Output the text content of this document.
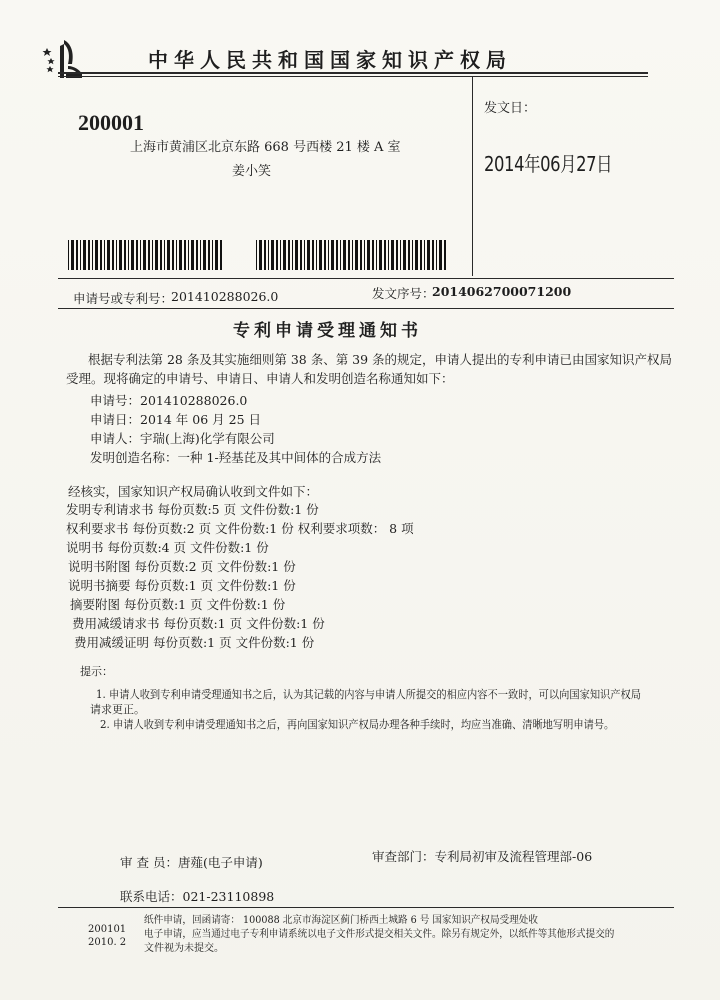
中华人民共和国国家知识产权局
200001
上海市黄浦区北京东路 668 号西楼 21 楼 A 室
姜小笑
发文日：
2014年06月27日
申请号或专利号：
201410288026.0	发文序号：
2014062700071200
专利申请受理通知书
根据专利法第 28 条及其实施细则第 38 条、第 39 条的规定，申请人提出的专利申请已由国家知识产权局
受理。现将确定的申请号、申请日、申请人和发明创造名称通知如下：
申请号：201410288026.0
申请日：2014 年 06 月 25 日
申请人：宇瑞(上海)化学有限公司
发明创造名称：一种 1-羟基芘及其中间体的合成方法
经核实，国家知识产权局确认收到文件如下：
发明专利请求书 每份页数:5 页 文件份数:1 份
权利要求书 每份页数:2 页 文件份数:1 份 权利要求项数： 8 项
说明书 每份页数:4 页 文件份数:1 份
说明书附图 每份页数:2 页 文件份数:1 份
说明书摘要 每份页数:1 页 文件份数:1 份
摘要附图 每份页数:1 页 文件份数:1 份
费用减缓请求书 每份页数:1 页 文件份数:1 份
费用减缓证明 每份页数:1 页 文件份数:1 份
提示：
1. 申请人收到专利申请受理通知书之后，认为其记载的内容与申请人所提交的相应内容不一致时，可以向国家知识产权局
请求更正。
2. 申请人收到专利申请受理通知书之后，再向国家知识产权局办理各种手续时，均应当准确、清晰地写明申请号。
审 查 员：唐薤(电子申请)	审查部门：专利局初审及流程管理部-06
联系电话：021-23110898
200101
2010. 2
纸件申请，回函请寄： 100088 北京市海淀区蓟门桥西土城路 6 号 国家知识产权局受理处收
电子申请，应当通过电子专利申请系统以电子文件形式提交相关文件。除另有规定外，以纸件等其他形式提交的
文件视为未提交。
